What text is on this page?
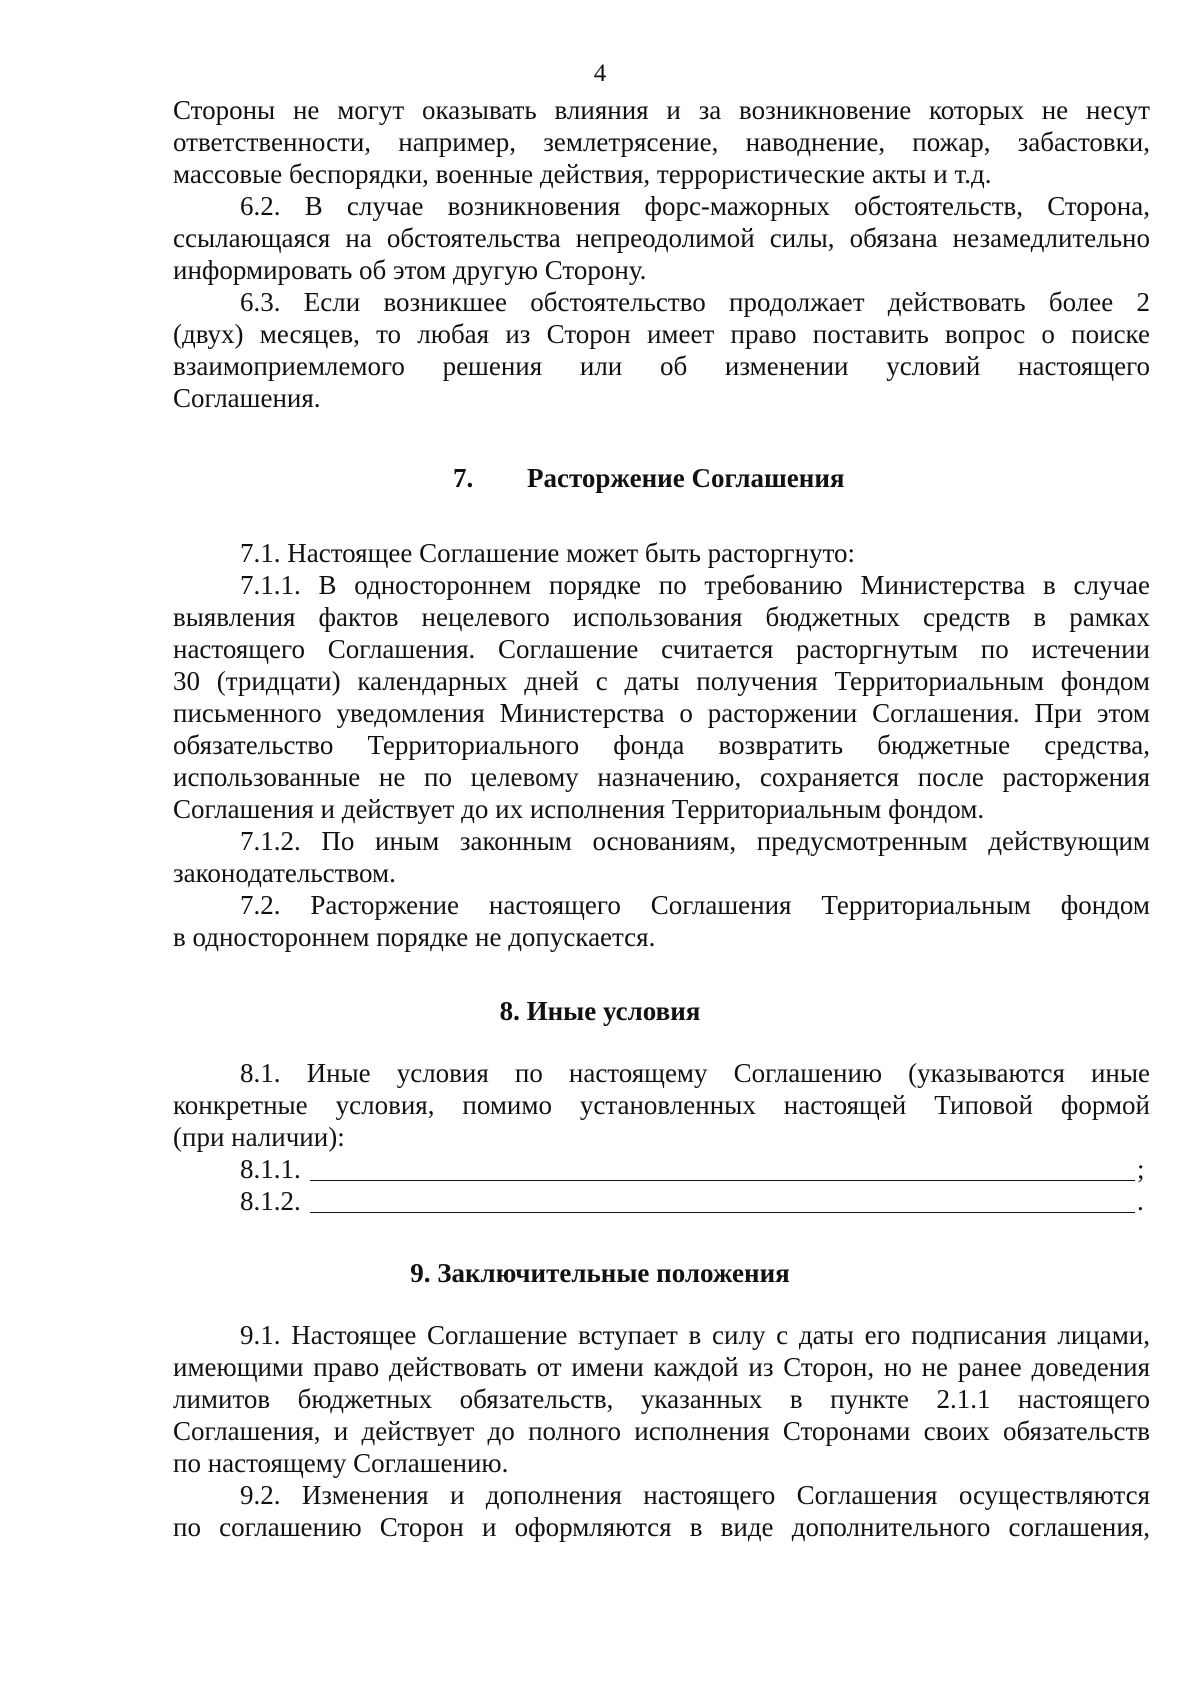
4
Стороны не могут оказывать влияния и за возникновение которых не несут
ответственности, например, землетрясение, наводнение, пожар, забастовки,
массовые беспорядки, военные действия, террористические акты и т.д.
6.2. В случае возникновения форс-мажорных обстоятельств, Сторона,
ссылающаяся на обстоятельства непреодолимой силы, обязана незамедлительно
информировать об этом другую Сторону.
6.3. Если возникшее обстоятельство продолжает действовать более 2
(двух) месяцев, то любая из Сторон имеет право поставить вопрос о поиске
взаимоприемлемого решения или об изменении условий настоящего
Соглашения.
7. Расторжение Соглашения
7.1. Настоящее Соглашение может быть расторгнуто:
7.1.1. В одностороннем порядке по требованию Министерства в случае
выявления фактов нецелевого использования бюджетных средств в рамках
настоящего Соглашения. Соглашение считается расторгнутым по истечении
30 (тридцати) календарных дней с даты получения Территориальным фондом
письменного уведомления Министерства о расторжении Соглашения. При этом
обязательство Территориального фонда возвратить бюджетные средства,
использованные не по целевому назначению, сохраняется после расторжения
Соглашения и действует до их исполнения Территориальным фондом.
7.1.2. По иным законным основаниям, предусмотренным действующим
законодательством.
7.2. Расторжение настоящего Соглашения Территориальным фондом
в одностороннем порядке не допускается.
8. Иные условия
8.1. Иные условия по настоящему Соглашению (указываются иные
конкретные условия, помимо установленных настоящей Типовой формой
(при наличии):
8.1.1.	;
8.1.2.	.
9. Заключительные положения
9.1. Настоящее Соглашение вступает в силу с даты его подписания лицами,
имеющими право действовать от имени каждой из Сторон, но не ранее доведения
лимитов бюджетных обязательств, указанных в пункте 2.1.1 настоящего
Соглашения, и действует до полного исполнения Сторонами своих обязательств
по настоящему Соглашению.
9.2. Изменения и дополнения настоящего Соглашения осуществляются
по соглашению Сторон и оформляются в виде дополнительного соглашения,
